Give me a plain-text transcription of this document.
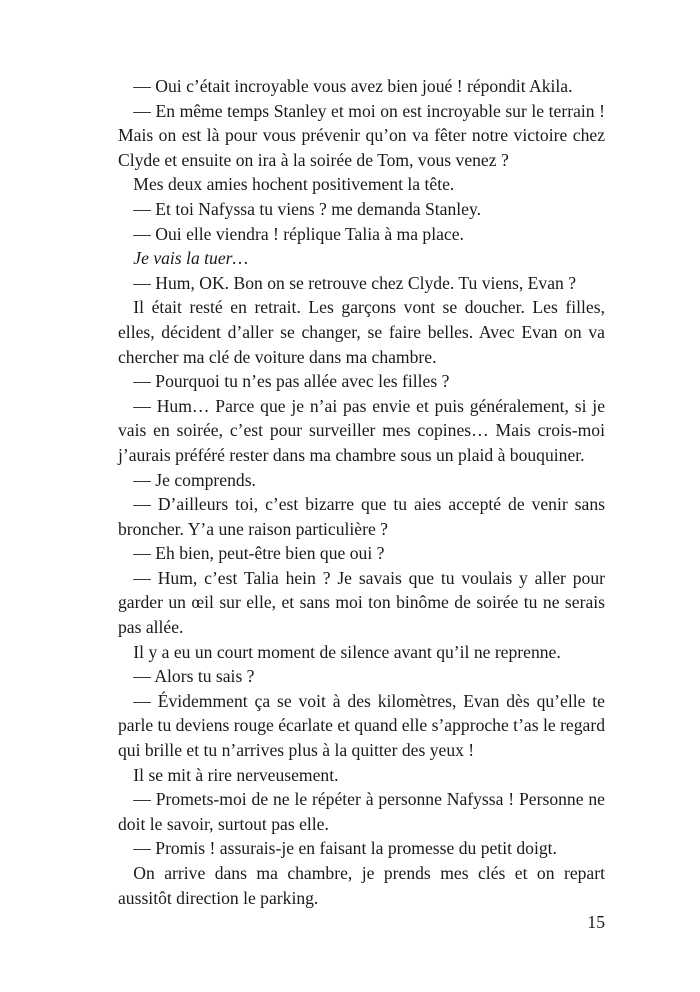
— Oui c’était incroyable vous avez bien joué ! répondit Akila.

— En même temps Stanley et moi on est incroyable sur le terrain ! Mais on est là pour vous prévenir qu’on va fêter notre victoire chez Clyde et ensuite on ira à la soirée de Tom, vous venez ?

Mes deux amies hochent positivement la tête.

— Et toi Nafyssa tu viens ? me demanda Stanley.

— Oui elle viendra ! réplique Talia à ma place.

Je vais la tuer…

— Hum, OK. Bon on se retrouve chez Clyde. Tu viens, Evan ?

Il était resté en retrait. Les garçons vont se doucher. Les filles, elles, décident d’aller se changer, se faire belles. Avec Evan on va chercher ma clé de voiture dans ma chambre.

— Pourquoi tu n’es pas allée avec les filles ?

— Hum… Parce que je n’ai pas envie et puis généralement, si je vais en soirée, c’est pour surveiller mes copines… Mais crois-moi j’aurais préféré rester dans ma chambre sous un plaid à bouquiner.

— Je comprends.

— D’ailleurs toi, c’est bizarre que tu aies accepté de venir sans broncher. Y’a une raison particulière ?

— Eh bien, peut-être bien que oui ?

— Hum, c’est Talia hein ? Je savais que tu voulais y aller pour garder un œil sur elle, et sans moi ton binôme de soirée tu ne serais pas allée.

Il y a eu un court moment de silence avant qu’il ne reprenne.

— Alors tu sais ?

— Évidemment ça se voit à des kilomètres, Evan dès qu’elle te parle tu deviens rouge écarlate et quand elle s’approche t’as le regard qui brille et tu n’arrives plus à la quitter des yeux !

Il se mit à rire nerveusement.

— Promets-moi de ne le répéter à personne Nafyssa ! Personne ne doit le savoir, surtout pas elle.

— Promis ! assurais-je en faisant la promesse du petit doigt.

On arrive dans ma chambre, je prends mes clés et on repart aussitôt direction le parking.

15
